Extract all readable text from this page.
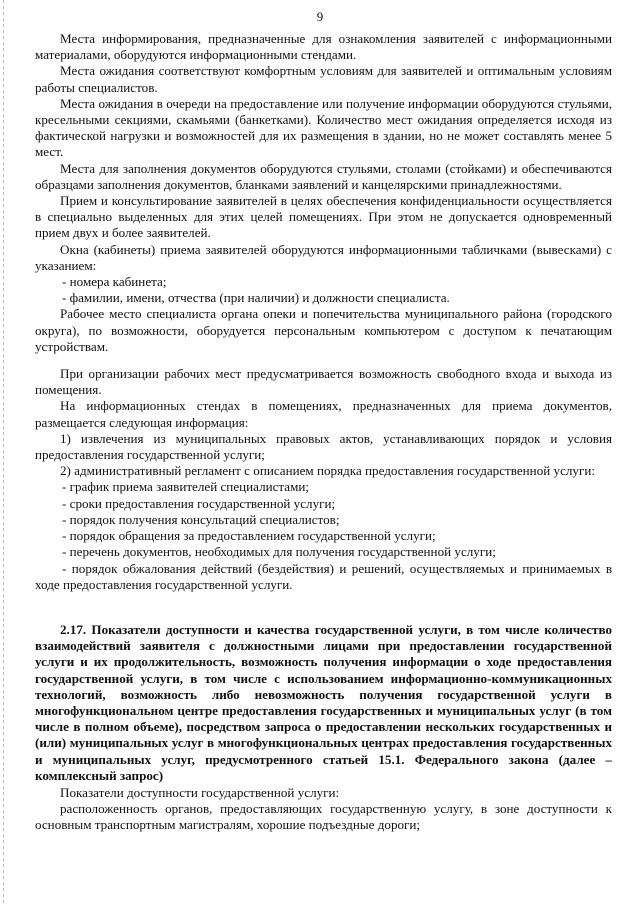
9

Места информирования, предназначенные для ознакомления заявителей с информационными материалами, оборудуются информационными стендами.

Места ожидания соответствуют комфортным условиям для заявителей и оптимальным условиям работы специалистов.

Места ожидания в очереди на предоставление или получение информации оборудуются стульями, кресельными секциями, скамьями (банкетками). Количество мест ожидания определяется исходя из фактической нагрузки и возможностей для их размещения в здании, но не может составлять менее 5 мест.

Места для заполнения документов оборудуются стульями, столами (стойками) и обеспечиваются образцами заполнения документов, бланками заявлений и канцелярскими принадлежностями.

Прием и консультирование заявителей в целях обеспечения конфиденциальности осуществляется в специально выделенных для этих целей помещениях. При этом не допускается одновременный прием двух и более заявителей.

Окна (кабинеты) приема заявителей оборудуются информационными табличками (вывесками) с указанием:

- номера кабинета;

- фамилии, имени, отчества (при наличии) и должности специалиста.

Рабочее место специалиста органа опеки и попечительства муниципального района (городского округа), по возможности, оборудуется персональным компьютером с доступом к печатающим устройствам.

При организации рабочих мест предусматривается возможность свободного входа и выхода из помещения.

На информационных стендах в помещениях, предназначенных для приема документов, размещается следующая информация:

1) извлечения из муниципальных правовых актов, устанавливающих порядок и условия предоставления государственной услуги;

2) административный регламент с описанием порядка предоставления государственной услуги:

- график приема заявителей специалистами;

- сроки предоставления государственной услуги;

- порядок получения консультаций специалистов;

- порядок обращения за предоставлением государственной услуги;

- перечень документов, необходимых для получения государственной услуги;

- порядок обжалования действий (бездействия) и решений, осуществляемых и принимаемых в ходе предоставления государственной услуги.

2.17. Показатели доступности и качества государственной услуги, в том числе количество взаимодействий заявителя с должностными лицами при предоставлении государственной услуги и их продолжительность, возможность получения информации о ходе предоставления государственной услуги, в том числе с использованием информационно-коммуникационных технологий, возможность либо невозможность получения государственной услуги в многофункциональном центре предоставления государственных и муниципальных услуг (в том числе в полном объеме), посредством запроса о предоставлении нескольких государственных и (или) муниципальных услуг в многофункциональных центрах предоставления государственных и муниципальных услуг, предусмотренного статьей 15.1. Федерального закона (далее – комплексный запрос)

Показатели доступности государственной услуги:

расположенность органов, предоставляющих государственную услугу, в зоне доступности к основным транспортным магистралям, хорошие подъездные дороги;
